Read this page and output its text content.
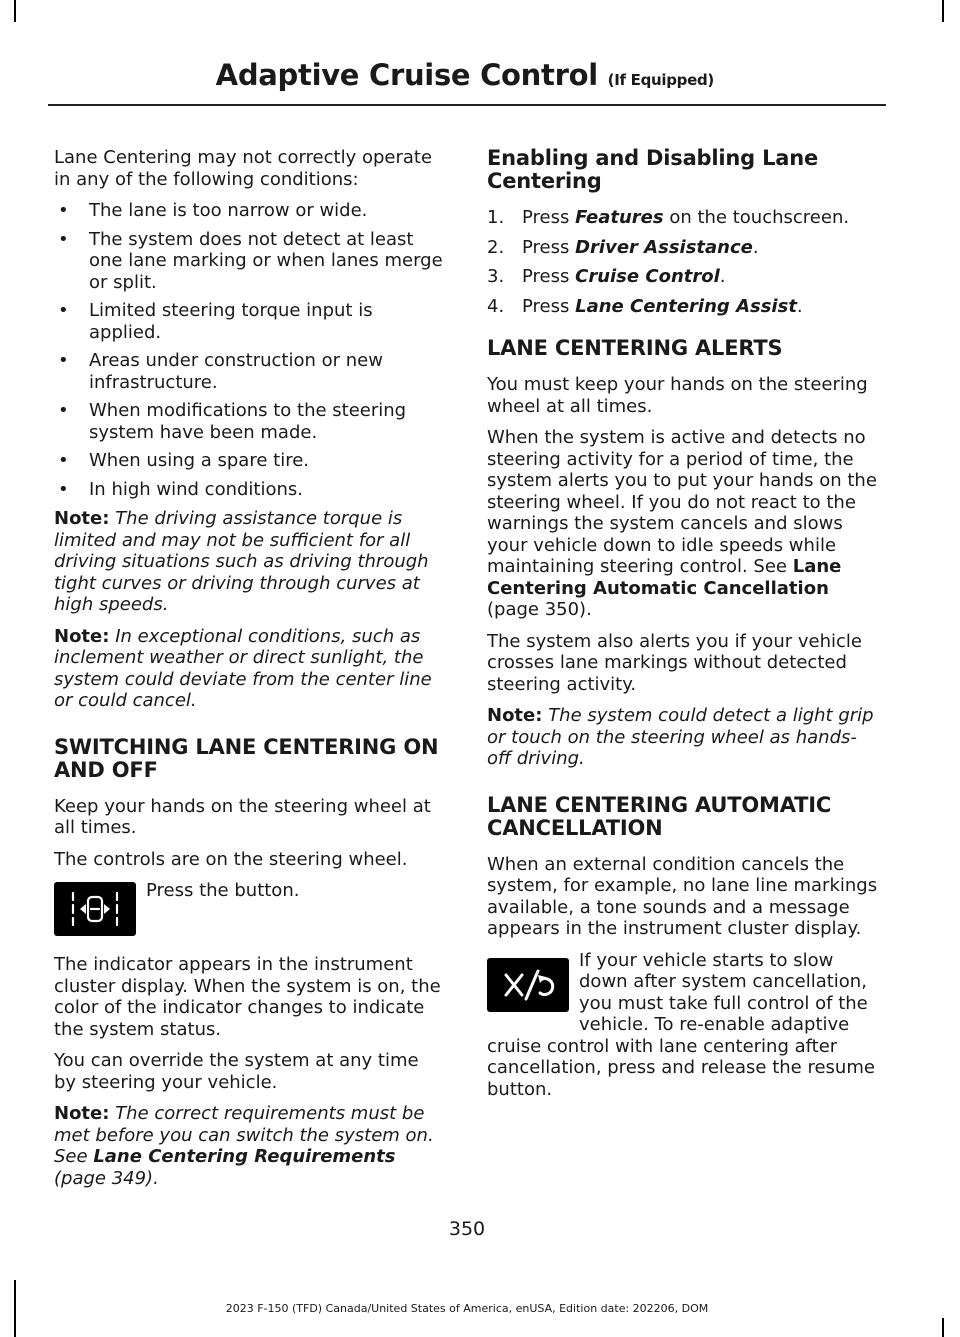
Adaptive Cruise Control (If Equipped)

Lane Centering may not correctly operate in any of the following conditions:

• The lane is too narrow or wide.
• The system does not detect at least one lane marking or when lanes merge or split.
• Limited steering torque input is applied.
• Areas under construction or new infrastructure.
• When modifications to the steering system have been made.
• When using a spare tire.
• In high wind conditions.

Note: The driving assistance torque is limited and may not be sufficient for all driving situations such as driving through tight curves or driving through curves at high speeds.

Note: In exceptional conditions, such as inclement weather or direct sunlight, the system could deviate from the center line or could cancel.

SWITCHING LANE CENTERING ON AND OFF

Keep your hands on the steering wheel at all times.

The controls are on the steering wheel.

Press the button.

The indicator appears in the instrument cluster display. When the system is on, the color of the indicator changes to indicate the system status.

You can override the system at any time by steering your vehicle.

Note: The correct requirements must be met before you can switch the system on. See Lane Centering Requirements (page 349).

Enabling and Disabling Lane Centering
1. Press Features on the touchscreen.
2. Press Driver Assistance.
3. Press Cruise Control.
4. Press Lane Centering Assist.
LANE CENTERING ALERTS

You must keep your hands on the steering wheel at all times.

When the system is active and detects no steering activity for a period of time, the system alerts you to put your hands on the steering wheel. If you do not react to the warnings the system cancels and slows your vehicle down to idle speeds while maintaining steering control. See Lane Centering Automatic Cancellation (page 350).

The system also alerts you if your vehicle crosses lane markings without detected steering activity.

Note: The system could detect a light grip or touch on the steering wheel as hands-off driving.

LANE CENTERING AUTOMATIC CANCELLATION

When an external condition cancels the system, for example, no lane line markings available, a tone sounds and a message appears in the instrument cluster display.

If your vehicle starts to slow down after system cancellation, you must take full control of the vehicle. To re-enable adaptive cruise control with lane centering after cancellation, press and release the resume button.

350
2023 F-150 (TFD) Canada/United States of America, enUSA, Edition date: 202206, DOM
